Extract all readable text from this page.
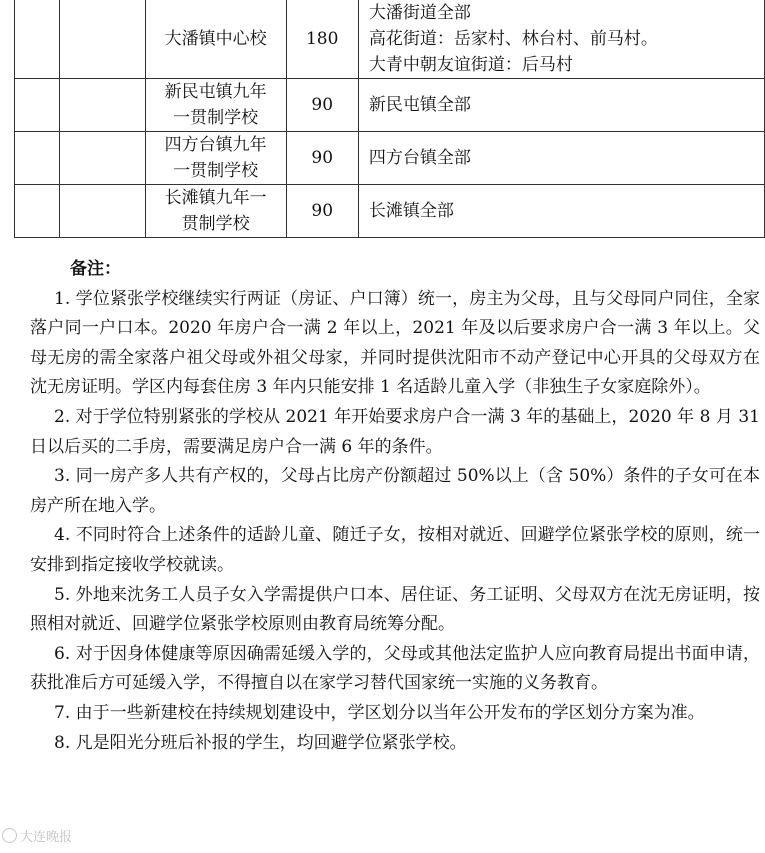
		大潘镇中心校	180	大潘街道全部
高花街道：岳家村、林台村、前马村。
大青中朝友谊街道：后马村

		新民屯镇九年
一贯制学校	90	新民屯镇全部

		四方台镇九年
一贯制学校	90	四方台镇全部

		长滩镇九年一
贯制学校	90	长滩镇全部
备注：
1. 学位紧张学校继续实行两证（房证、户口簿）统一，房主为父母，且与父母同户同住，全家落户同一户口本。2020 年房户合一满 2 年以上，2021 年及以后要求房户合一满 3 年以上。父母无房的需全家落户祖父母或外祖父母家，并同时提供沈阳市不动产登记中心开具的父母双方在沈无房证明。学区内每套住房 3 年内只能安排 1 名适龄儿童入学（非独生子女家庭除外）。
2. 对于学位特别紧张的学校从 2021 年开始要求房户合一满 3 年的基础上，2020 年 8 月 31 日以后买的二手房，需要满足房户合一满 6 年的条件。
3. 同一房产多人共有产权的，父母占比房产份额超过 50%以上（含 50%）条件的子女可在本房产所在地入学。
4. 不同时符合上述条件的适龄儿童、随迁子女，按相对就近、回避学位紧张学校的原则，统一安排到指定接收学校就读。
5. 外地来沈务工人员子女入学需提供户口本、居住证、务工证明、父母双方在沈无房证明，按照相对就近、回避学位紧张学校原则由教育局统筹分配。
6. 对于因身体健康等原因确需延缓入学的，父母或其他法定监护人应向教育局提出书面申请，获批准后方可延缓入学，不得擅自以在家学习替代国家统一实施的义务教育。
7. 由于一些新建校在持续规划建设中，学区划分以当年公开发布的学区划分方案为准。
8. 凡是阳光分班后补报的学生，均回避学位紧张学校。
大连晚报
